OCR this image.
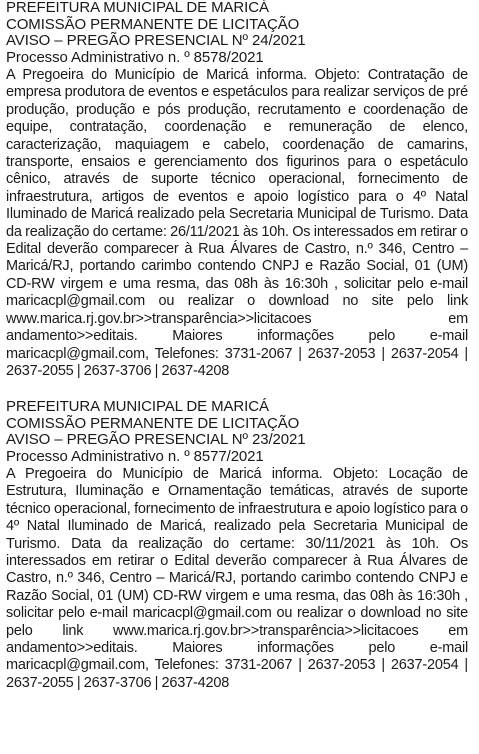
PREFEITURA MUNICIPAL DE MARICÁ
COMISSÃO PERMANENTE DE LICITAÇÃO
AVISO – PREGÃO PRESENCIAL Nº 24/2021
Processo Administrativo n. º 8578/2021
A Pregoeira do Município de Maricá informa. Objeto: Contratação de empresa produtora de eventos e espetáculos para realizar serviços de pré produção, produção e pós produção, recrutamento e coordenação de equipe, contratação, coordenação e remuneração de elenco, caracterização, maquiagem e cabelo, coordenação de camarins, transporte, ensaios e gerenciamento dos figurinos para o espetáculo cênico, através de suporte técnico operacional, fornecimento de infraestrutura, artigos de eventos e apoio logístico para o 4º Natal Iluminado de Maricá realizado pela Secretaria Municipal de Turismo. Data da realização do certame: 26/11/2021 às 10h. Os interessados em retirar o Edital deverão comparecer à Rua Álvares de Castro, n.º 346, Centro – Maricá/RJ, portando carimbo contendo CNPJ e Razão Social, 01 (UM) CD-RW virgem e uma resma, das 08h às 16:30h , solicitar pelo e-mail maricacpl@gmail.com ou realizar o download no site pelo link www.marica.rj.gov.br>>transparência>>licitacoes em andamento>>editais. Maiores informações pelo e-mail maricacpl@gmail.com, Telefones: 3731-2067 | 2637-2053 | 2637-2054 | 2637-2055 | 2637-3706 | 2637-4208
PREFEITURA MUNICIPAL DE MARICÁ
COMISSÃO PERMANENTE DE LICITAÇÃO
AVISO – PREGÃO PRESENCIAL Nº 23/2021
Processo Administrativo n. º 8577/2021
A Pregoeira do Município de Maricá informa. Objeto: Locação de Estrutura, Iluminação e Ornamentação temáticas, através de suporte técnico operacional, fornecimento de infraestrutura e apoio logístico para o 4º Natal Iluminado de Maricá, realizado pela Secretaria Municipal de Turismo. Data da realização do certame: 30/11/2021 às 10h. Os interessados em retirar o Edital deverão comparecer à Rua Álvares de Castro, n.º 346, Centro – Maricá/RJ, portando carimbo contendo CNPJ e Razão Social, 01 (UM) CD-RW virgem e uma resma, das 08h às 16:30h , solicitar pelo e-mail maricacpl@gmail.com ou realizar o download no site pelo link www.marica.rj.gov.br>>transparência>>licitacoes em andamento>>editais. Maiores informações pelo e-mail maricacpl@gmail.com, Telefones: 3731-2067 | 2637-2053 | 2637-2054 | 2637-2055 | 2637-3706 | 2637-4208
